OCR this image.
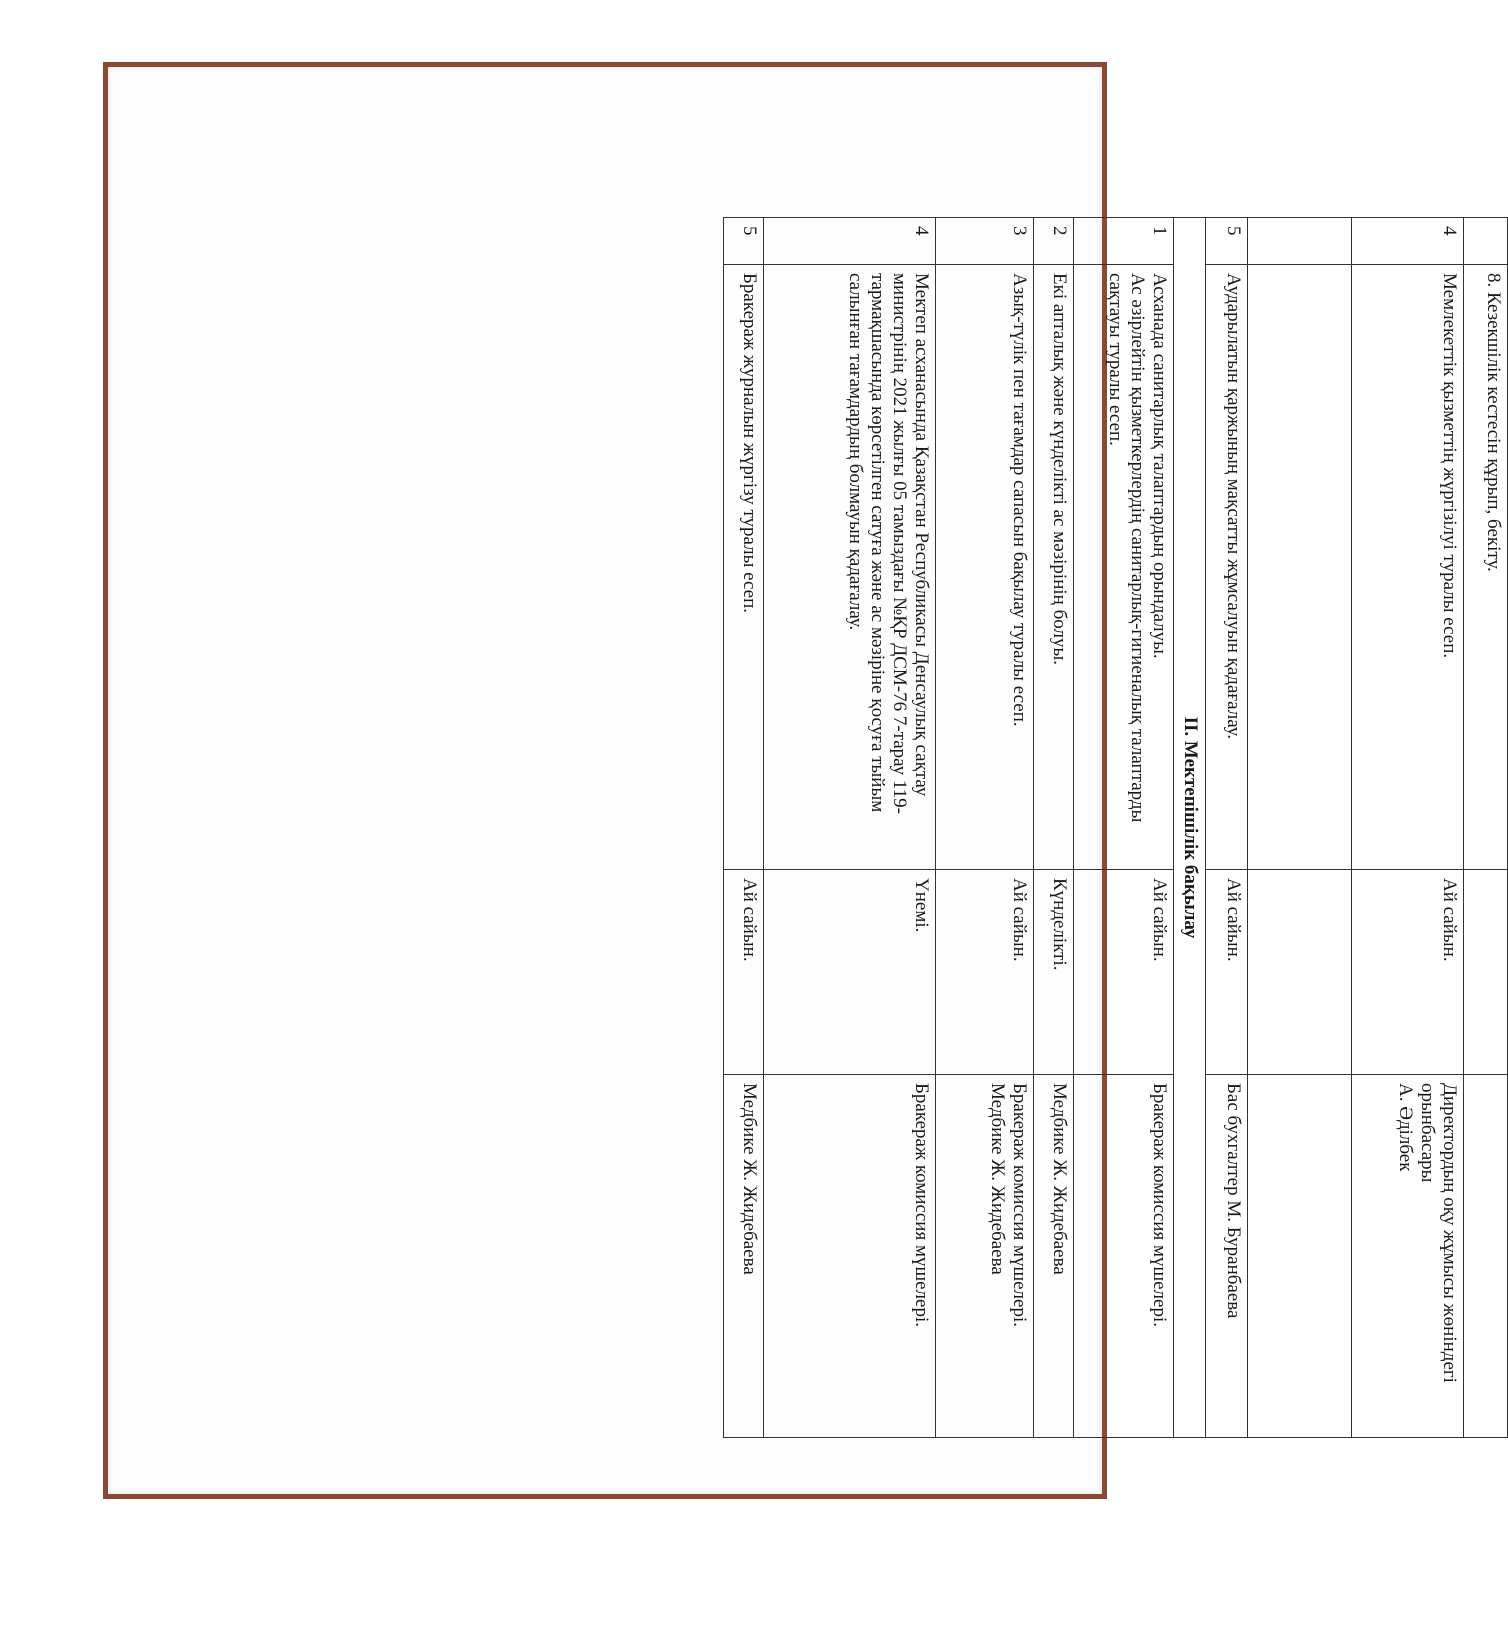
	8. Кезекшілік кестесін құрып, бекіту.		
4	Мемлекеттік қызметтің жүргізілуі туралы есеп.	Ай сайын.	Директордың оқу жұмысы жөніндегі орынбасары
А. Әділбек

5	Аударылатын қаржының мақсатты жұмсалуын қадағалау.	Ай сайын.	Бас бухгалтер М. Буранбаева
ІІ. Мектепішілік бақылау			
1	Асханада санитарлық талаптардың орындалуы.
Ас әзірлейтін қызметкерлердің санитарлық-гигиеналық талаптарды сақтауы туралы есеп.	Ай сайын.	Бракераж комиссия мүшелері.
2	Екі апталық және күнделікті ас мәзірінің болуы.	Күнделікті.	Медбике Ж. Жидебаева
3	Азық-түлік пен тағамдар сапасын бақылау туралы есеп.	Ай сайын.	Бракераж комиссия мүшелері.
Медбике Ж. Жидебаева
4	Мектеп асханасында Қазақстан Республикасы Денсаулық сақтау министрінің 2021 жылғы 05 тамыздағы №ҚР ДСМ-76 7-тарау 119-тармақшасында көрсетілген сатуға және ас мәзіріне қосуға тыйым салынған тағамдардың болмауын қадағалау.	Үнемі.	Бракераж комиссия мүшелері.
5	Бракераж журналын жүргізу туралы есеп.	Ай сайын.	Медбике Ж. Жидебаева
